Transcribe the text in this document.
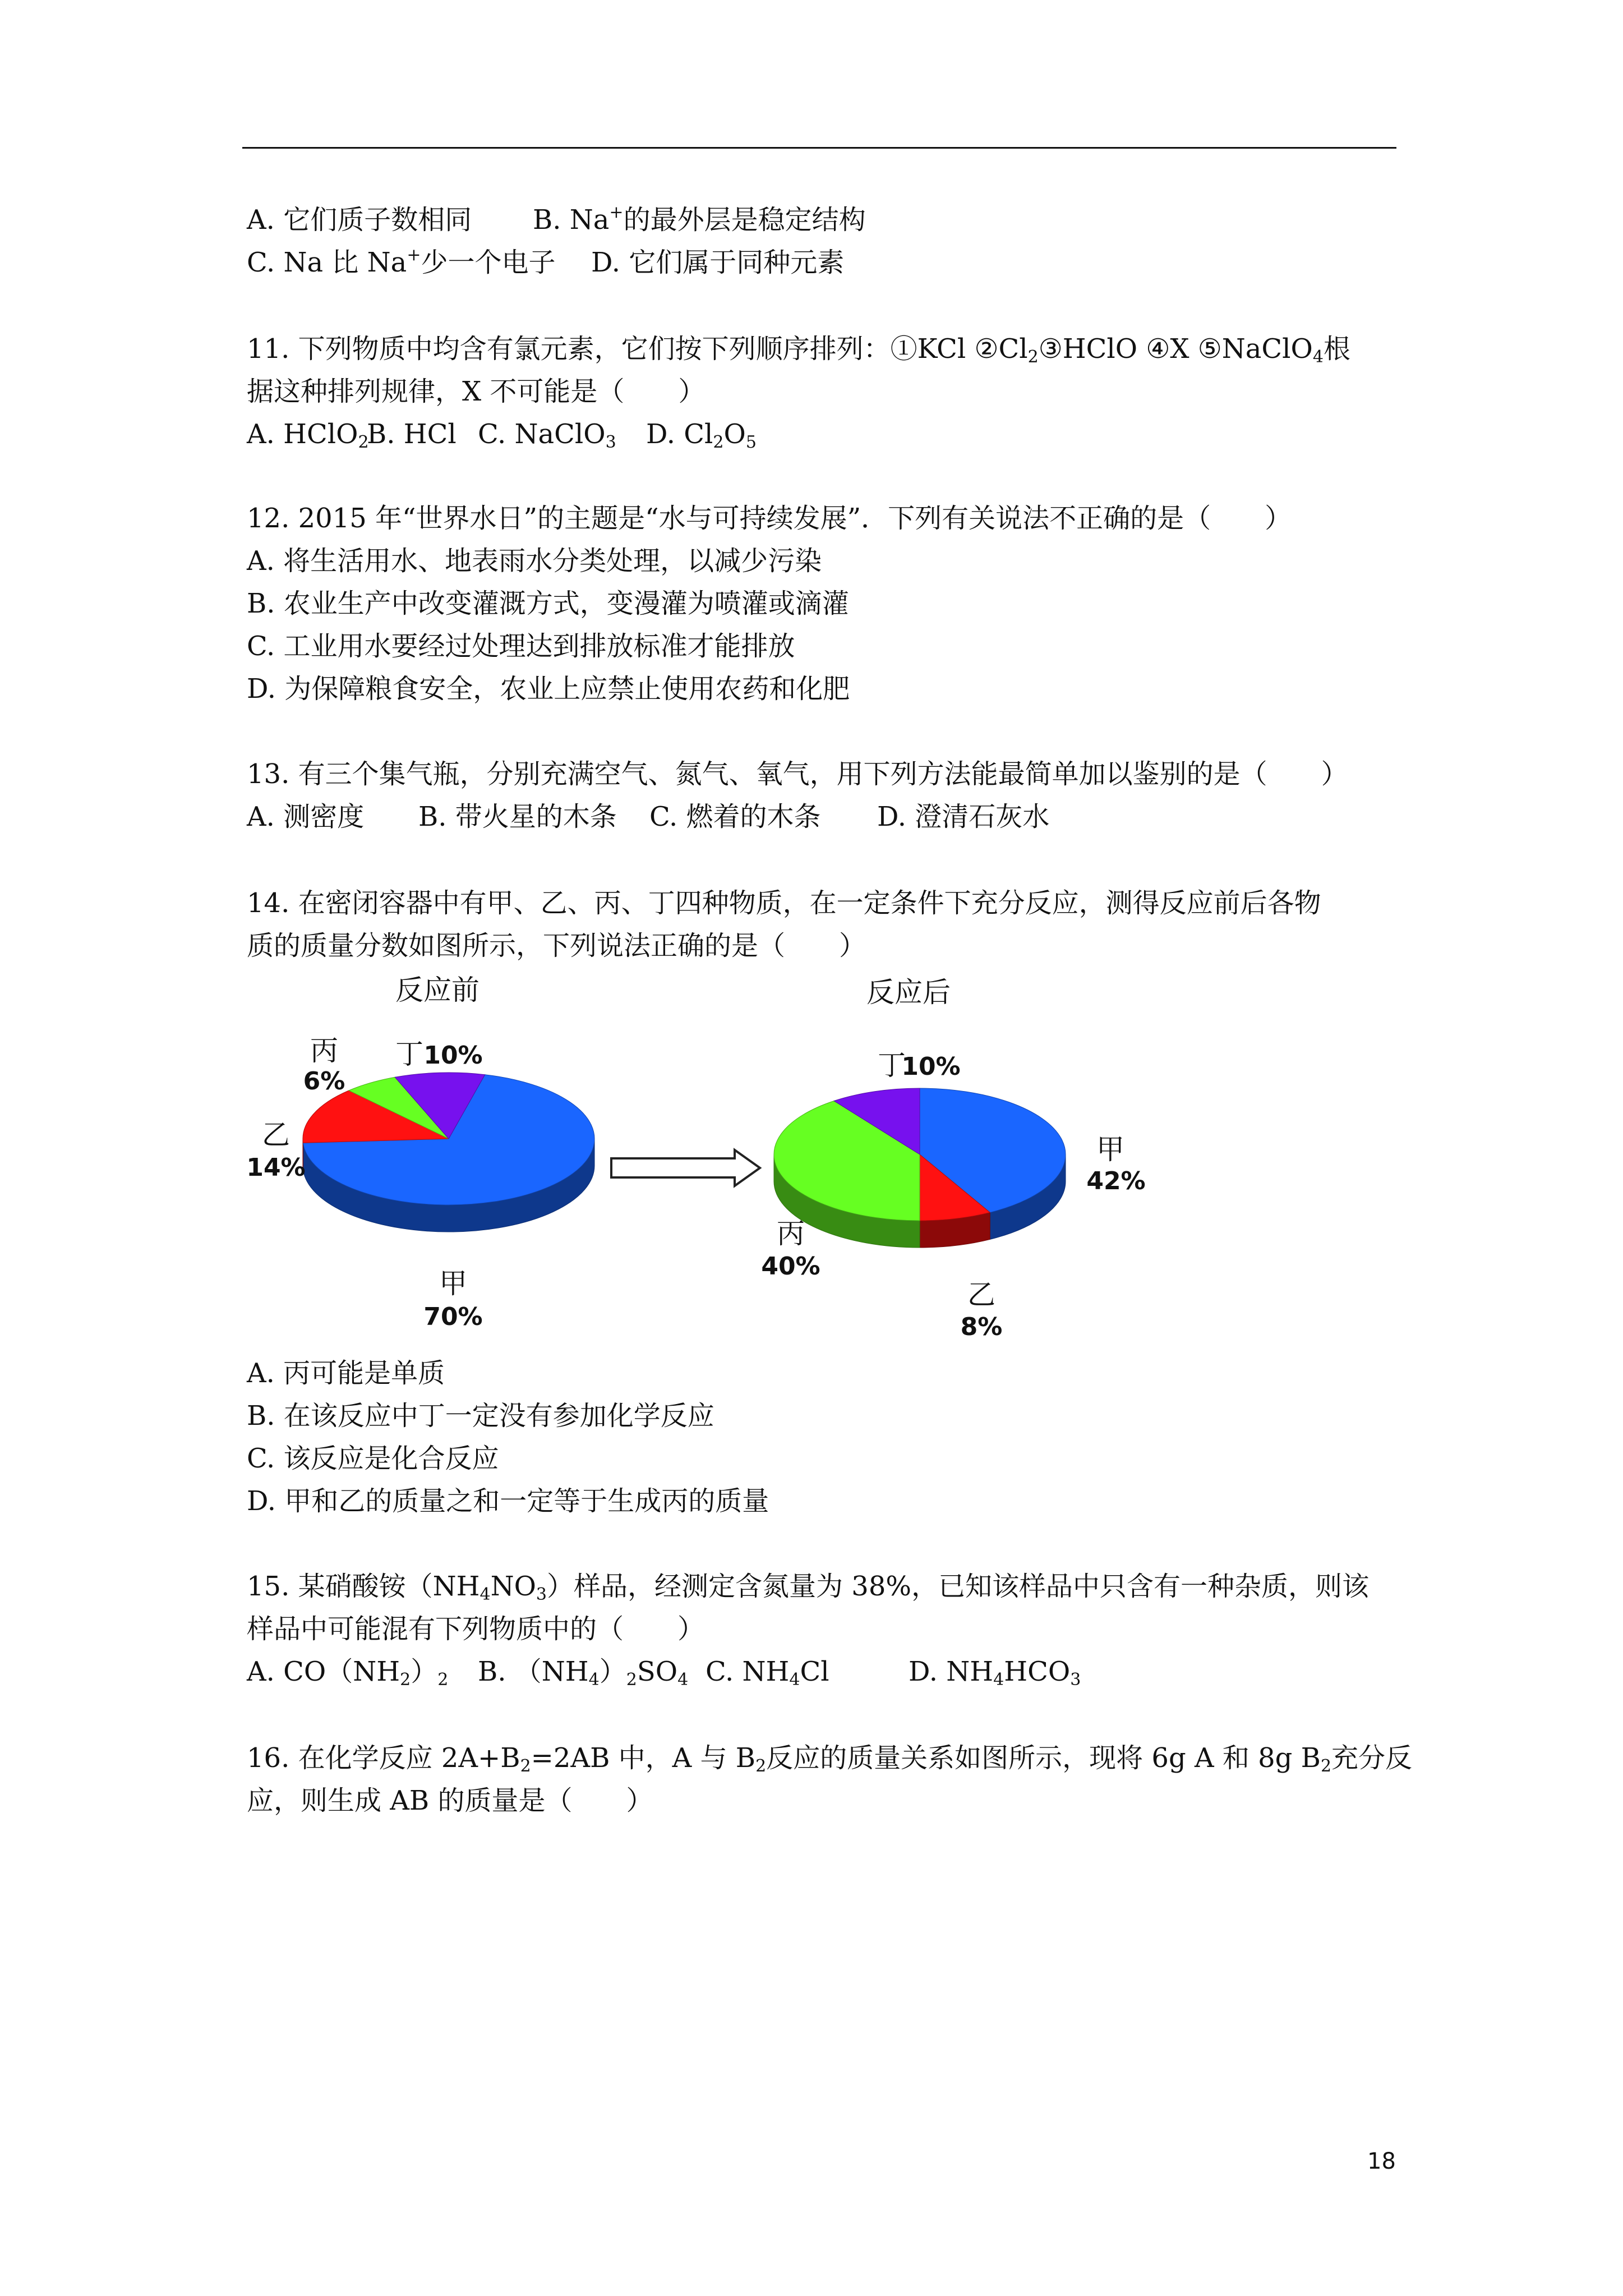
A. 它们质子数相同

B. Na+的最外层是稳定结构

C. Na 比 Na+少一个电子

D. 它们属于同种元素

11. 下列物质中均含有氯元素，它们按下列顺序排列：①KCl $②Cl_2③HClO$ ④X ⑤NaClO$_4$根
据这种排列规律，X 不可能是（　　）

A. HClO$_2$

B. HCl

C. NaClO$_3$

D. $Cl_2O_5$

12. 2015 年“世界水日”的主题是“水与可持续发展”．下列有关说法不正确的是（　　）
A. 将生活用水、地表雨水分类处理，以减少污染
B. 农业生产中改变灌溉方式，变漫灌为喷灌或滴灌
C. 工业用水要经过处理达到排放标准才能排放
D. 为保障粮食安全，农业上应禁止使用农药和化肥
13. 有三个集气瓶，分别充满空气、氮气、氧气，用下列方法能最简单加以鉴别的是（　　）

A. 测密度

B. 带火星的木条

C. 燃着的木条

D. 澄清石灰水

14. 在密闭容器中有甲、乙、丙、丁四种物质，在一定条件下充分反应，测得反应前后各物
质的质量分数如图所示，下列说法正确的是（　　）
反应前
甲
70%
乙
14%
丙
6%
丁 10%
反应后
甲
42%
乙
8%
丙
40%
丁
10%
A. 丙可能是单质
B. 在该反应中丁一定没有参加化学反应
C. 该反应是化合反应
D. 甲和乙的质量之和一定等于生成丙的质量
15. 某硝酸铵$(NH_4NO_3)$样品，经测定含氮量为 38%，已知该样品中只含有一种杂质，则该
样品中可能混有下列物质中的（　　）

A. $CO(NH_2)_2$

B. $(NH_4)_2SO_4$

C. $NH_4Cl$

	D. $NH_4HCO_3$

16. 在化学反应 $2A+B_2=2AB$ 中，A 与 $B_2$反应的质量关系如图所示，现将 6g A 和 8g $B_2$充分反
应，则生成 AB 的质量是（　　）
18
